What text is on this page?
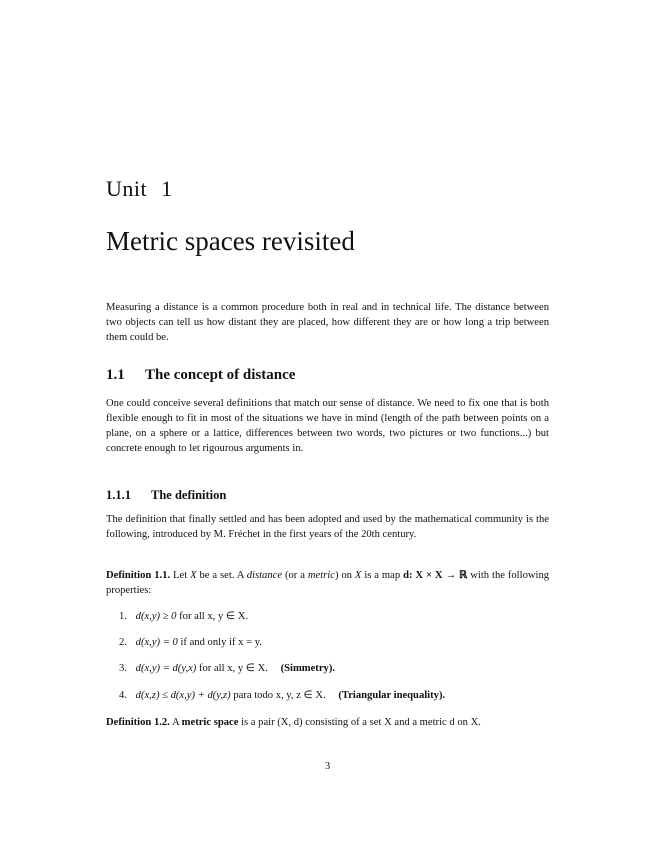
Unit 1
Metric spaces revisited
Measuring a distance is a common procedure both in real and in technical life. The distance between two objects can tell us how distant they are placed, how different they are or how long a trip between them could be.
1.1 The concept of distance
One could conceive several definitions that match our sense of distance. We need to fix one that is both flexible enough to fit in most of the situations we have in mind (length of the path between points on a plane, on a sphere or a lattice, differences between two words, two pictures or two functions...) but concrete enough to let rigourous arguments in.
1.1.1 The definition
The definition that finally settled and has been adopted and used by the mathematical community is the following, introduced by M. Fréchet in the first years of the 20th century.
Definition 1.1. Let X be a set. A distance (or a metric) on X is a map d: X × X → ℝ with the following properties:
1. d(x,y) ≥ 0 for all x, y ∈ X.
2. d(x,y) = 0 if and only if x = y.
3. d(x,y) = d(y,x) for all x, y ∈ X. (Simmetry).
4. d(x,z) ≤ d(x,y) + d(y,z) para todo x, y, z ∈ X. (Triangular inequality).
Definition 1.2. A metric space is a pair (X, d) consisting of a set X and a metric d on X.
3
